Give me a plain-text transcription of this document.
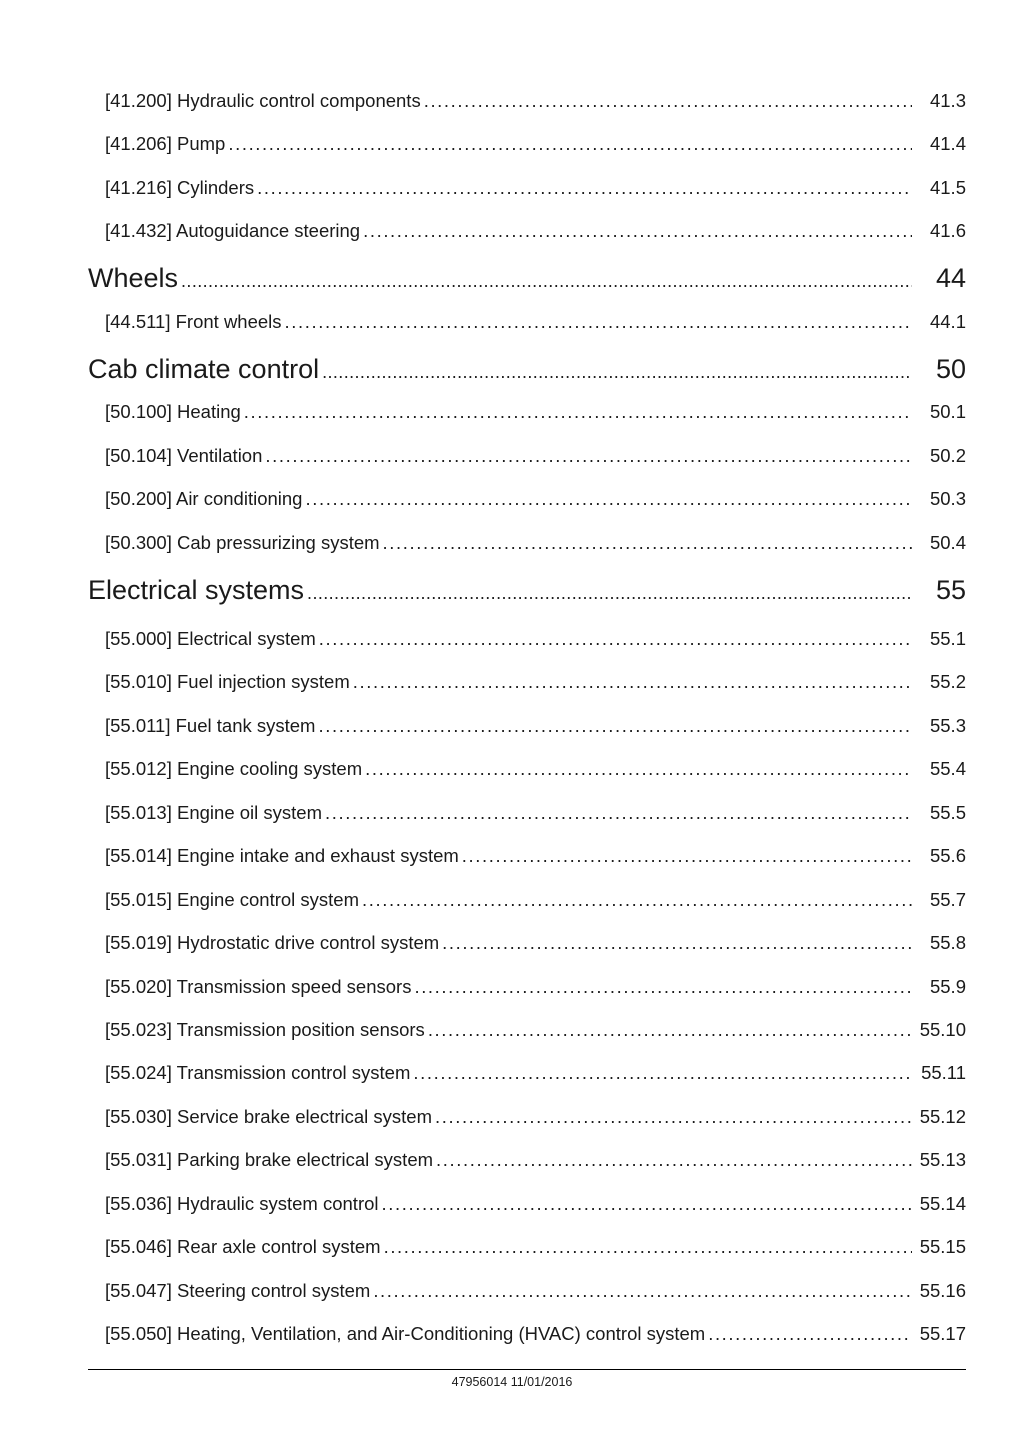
[41.200] Hydraulic control components .....	41.3
[41.206] Pump .....	41.4
[41.216] Cylinders .....	41.5
[41.432] Autoguidance steering .....	41.6
Wheels .....	44
[44.511] Front wheels .....	44.1
Cab climate control .....	50
[50.100] Heating .....	50.1
[50.104] Ventilation .....	50.2
[50.200] Air conditioning .....	50.3
[50.300] Cab pressurizing system .....	50.4
Electrical systems .....	55
[55.000] Electrical system .....	55.1
[55.010] Fuel injection system .....	55.2
[55.011] Fuel tank system .....	55.3
[55.012] Engine cooling system .....	55.4
[55.013] Engine oil system .....	55.5
[55.014] Engine intake and exhaust system .....	55.6
[55.015] Engine control system .....	55.7
[55.019] Hydrostatic drive control system .....	55.8
[55.020] Transmission speed sensors .....	55.9
[55.023] Transmission position sensors .....	55.10
[55.024] Transmission control system .....	55.11
[55.030] Service brake electrical system .....	55.12
[55.031] Parking brake electrical system .....	55.13
[55.036] Hydraulic system control .....	55.14
[55.046] Rear axle control system .....	55.15
[55.047] Steering control system .....	55.16
[55.050] Heating, Ventilation, and Air-Conditioning (HVAC) control system .....	55.17
47956014 11/01/2016
